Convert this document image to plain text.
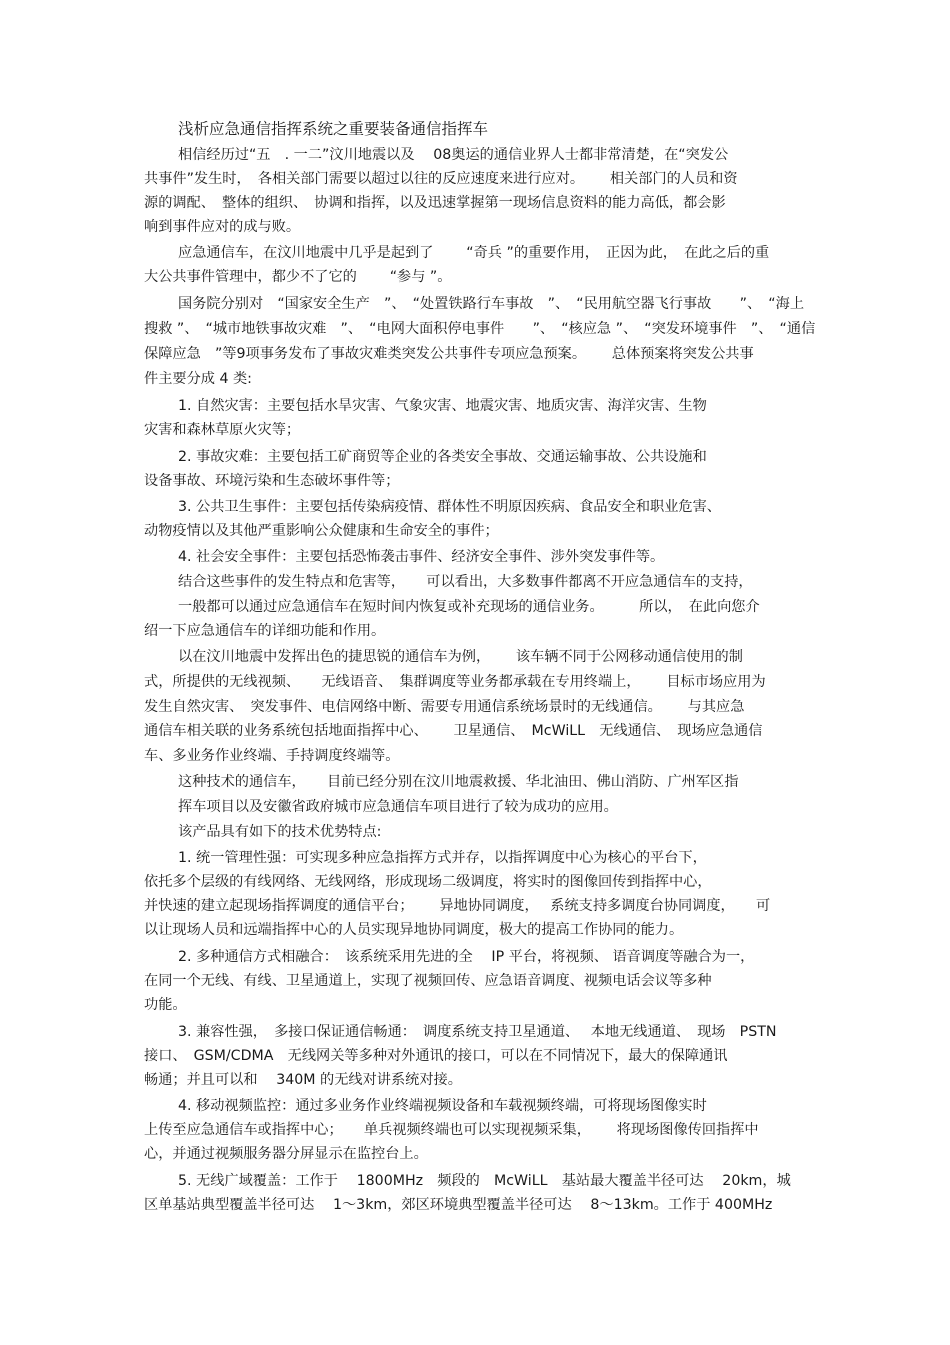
浅析应急通信指挥系统之重要装备通信指挥车
相信经历过“五　. 一二”汶川地震以及　 08奥运的通信业界人士都非常清楚，在“突发公
共事件”发生时，　各相关部门需要以超过以往的反应速度来进行应对。　　 相关部门的人员和资
源的调配、　整体的组织、　协调和指挥，以及迅速掌握第一现场信息资料的能力高低，都会影
响到事件应对的成与败。
应急通信车，在汶川地震中几乎是起到了　　 “奇兵 ”的重要作用，　正因为此，　在此之后的重
大公共事件管理中，都少不了它的　　 “参与 ”。
国务院分别对　“国家安全生产　”、　“处置铁路行车事故　”、　“民用航空器飞行事故　　”、　“海上
搜救 ”、　“城市地铁事故灾难　”、　“电网大面积停电事件　　”、　“核应急 ”、　“突发环境事件　”、　“通信
保障应急　”等9项事务发布了事故灾难类突发公共事件专项应急预案。　　 总体预案将突发公共事
件主要分成 4 类:
1. 自然灾害：主要包括水旱灾害、气象灾害、地震灾害、地质灾害、海洋灾害、生物
灾害和森林草原火灾等；
2. 事故灾难：主要包括工矿商贸等企业的各类安全事故、交通运输事故、公共设施和
设备事故、环境污染和生态破坏事件等；
3. 公共卫生事件：主要包括传染病疫情、群体性不明原因疾病、食品安全和职业危害、
动物疫情以及其他严重影响公众健康和生命安全的事件；
4. 社会安全事件：主要包括恐怖袭击事件、经济安全事件、涉外突发事件等。
结合这些事件的发生特点和危害等，　　可以看出，大多数事件都离不开应急通信车的支持，
一般都可以通过应急通信车在短时间内恢复或补充现场的通信业务。　　　所以，　在此向您介
绍一下应急通信车的详细功能和作用。
以在汶川地震中发挥出色的捷思锐的通信车为例，　　 该车辆不同于公网移动通信使用的制
式，所提供的无线视频、　　无线语音、　集群调度等业务都承载在专用终端上，　　 目标市场应用为
发生自然灾害、　突发事件、电信网络中断、需要专用通信系统场景时的无线通信。　　 与其应急
通信车相关联的业务系统包括地面指挥中心、　　 卫星通信、　McWiLL　无线通信、　现场应急通信
车、多业务作业终端、手持调度终端等。
这种技术的通信车，　　目前已经分别在汶川地震救援、华北油田、佛山消防、广州军区指
挥车项目以及安徽省政府城市应急通信车项目进行了较为成功的应用。
该产品具有如下的技术优势特点:
1. 统一管理性强：可实现多种应急指挥方式并存，以指挥调度中心为核心的平台下，
依托多个层级的有线网络、无线网络，形成现场二级调度，将实时的图像回传到指挥中心，
并快速的建立起现场指挥调度的通信平台；　　 异地协同调度，　 系统支持多调度台协同调度，　　可
以让现场人员和远端指挥中心的人员实现异地协同调度，极大的提高工作协同的能力。
2. 多种通信方式相融合：　该系统采用先进的全　 IP 平台，将视频、 语音调度等融合为一，
在同一个无线、有线、卫星通道上，实现了视频回传、应急语音调度、视频电话会议等多种
功能。
3. 兼容性强，　多接口保证通信畅通：　调度系统支持卫星通道、　 本地无线通道、　现场　PSTN
接口、　GSM/CDMA　无线网关等多种对外通讯的接口，可以在不同情况下，最大的保障通讯
畅通；并且可以和　 340M 的无线对讲系统对接。
4. 移动视频监控：通过多业务作业终端视频设备和车载视频终端，可将现场图像实时
上传至应急通信车或指挥中心；　　单兵视频终端也可以实现视频采集，　　 将现场图像传回指挥中
心，并通过视频服务器分屏显示在监控台上。
5. 无线广域覆盖：工作于　 1800MHz　频段的　McWiLL　基站最大覆盖半径可达　 20km，城
区单基站典型覆盖半径可达　 1～3km，郊区环境典型覆盖半径可达　 8～13km。工作于 400MHz
